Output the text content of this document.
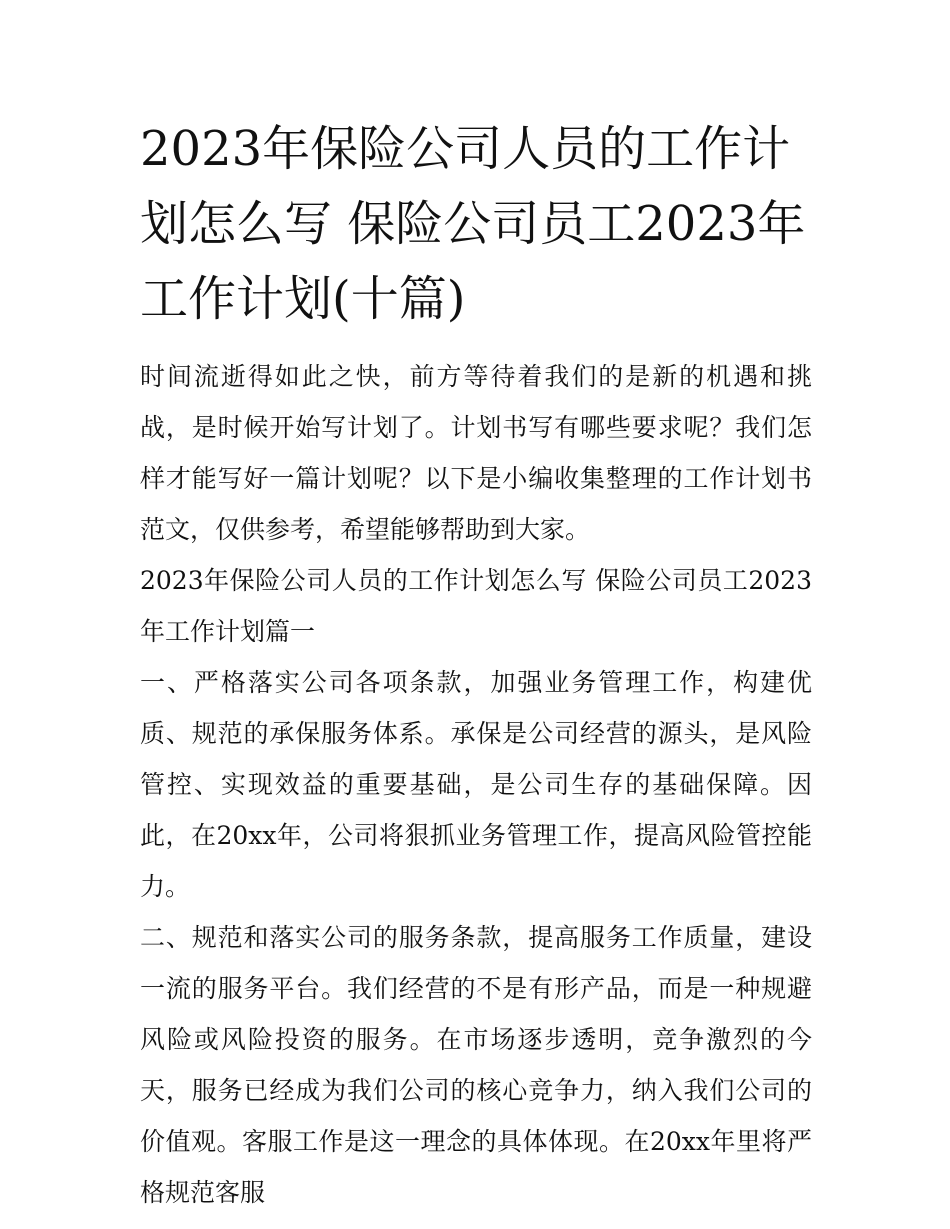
2023年保险公司人员的工作计划怎么写 保险公司员工2023年工作计划(十篇)

时间流逝得如此之快，前方等待着我们的是新的机遇和挑战，是时候开始写计划了。计划书写有哪些要求呢？我们怎样才能写好一篇计划呢？以下是小编收集整理的工作计划书范文，仅供参考，希望能够帮助到大家。

2023年保险公司人员的工作计划怎么写 保险公司员工2023年工作计划篇一

一、严格落实公司各项条款，加强业务管理工作，构建优质、规范的承保服务体系。承保是公司经营的源头，是风险管控、实现效益的重要基础，是公司生存的基础保障。因此，在20xx年，公司将狠抓业务管理工作，提高风险管控能力。

二、规范和落实公司的服务条款，提高服务工作质量，建设一流的服务平台。我们经营的不是有形产品，而是一种规避风险或风险投资的服务。在市场逐步透明，竞争激烈的今天，服务已经成为我们公司的核心竞争力，纳入我们公司的价值观。客服工作是这一理念的具体体现。在20xx年里将严格规范客服
